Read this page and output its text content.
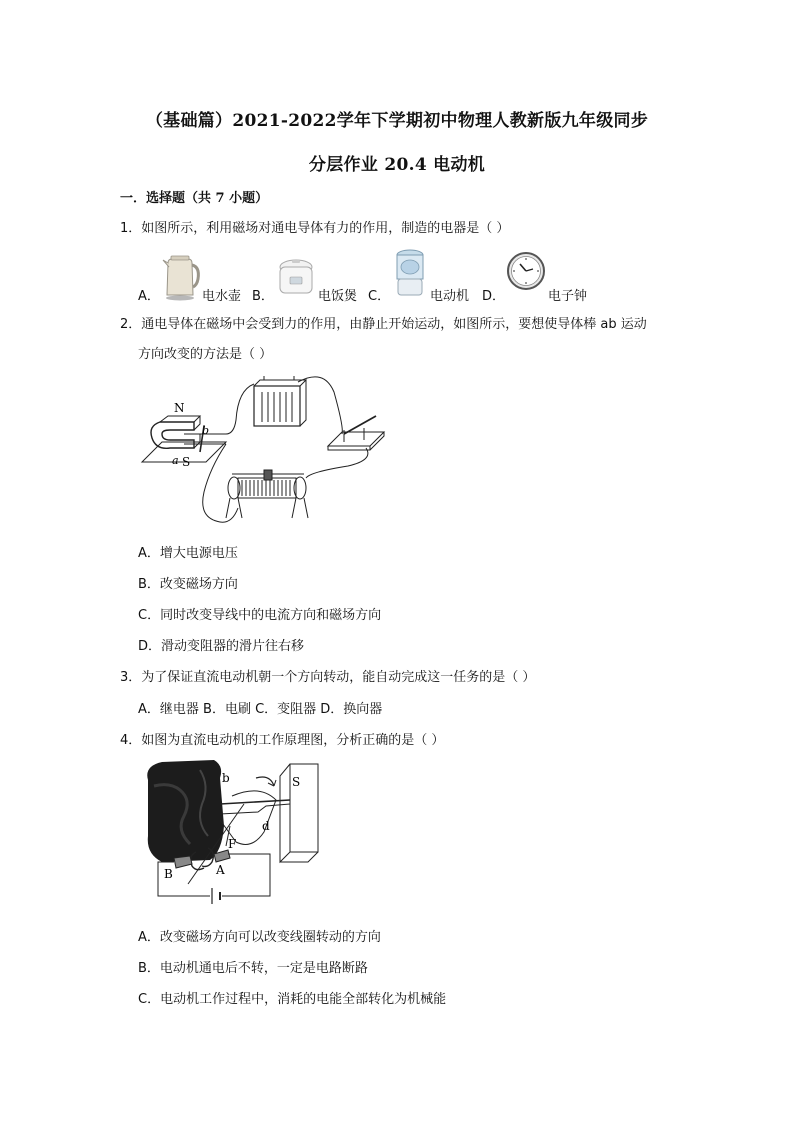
（基础篇）2021-2022学年下学期初中物理人教新版九年级同步
分层作业 20.4 电动机
一．选择题（共 7 小题）
1．如图所示，利用磁场对通电导体有力的作用，制造的电器是（ ）
A．	电水壶 B．	电饭煲 C．	电动机 D．	电子钟
2．通电导体在磁场中会受到力的作用，由静止开始运动，如图所示，要想使导体棒 ab 运动
方向改变的方法是（ ）
N
S
a
b
A．增大电源电压
B．改变磁场方向
C．同时改变导线中的电流方向和磁场方向
D．滑动变阻器的滑片往右移
3．为了保证直流电动机朝一个方向转动，能自动完成这一任务的是（ ）
A．继电器 B．电刷 C．变阻器 D．换向器
4．如图为直流电动机的工作原理图，分析正确的是（ ）
b	S
d
F
B	A
A．改变磁场方向可以改变线圈转动的方向
B．电动机通电后不转，一定是电路断路
C．电动机工作过程中，消耗的电能全部转化为机械能
